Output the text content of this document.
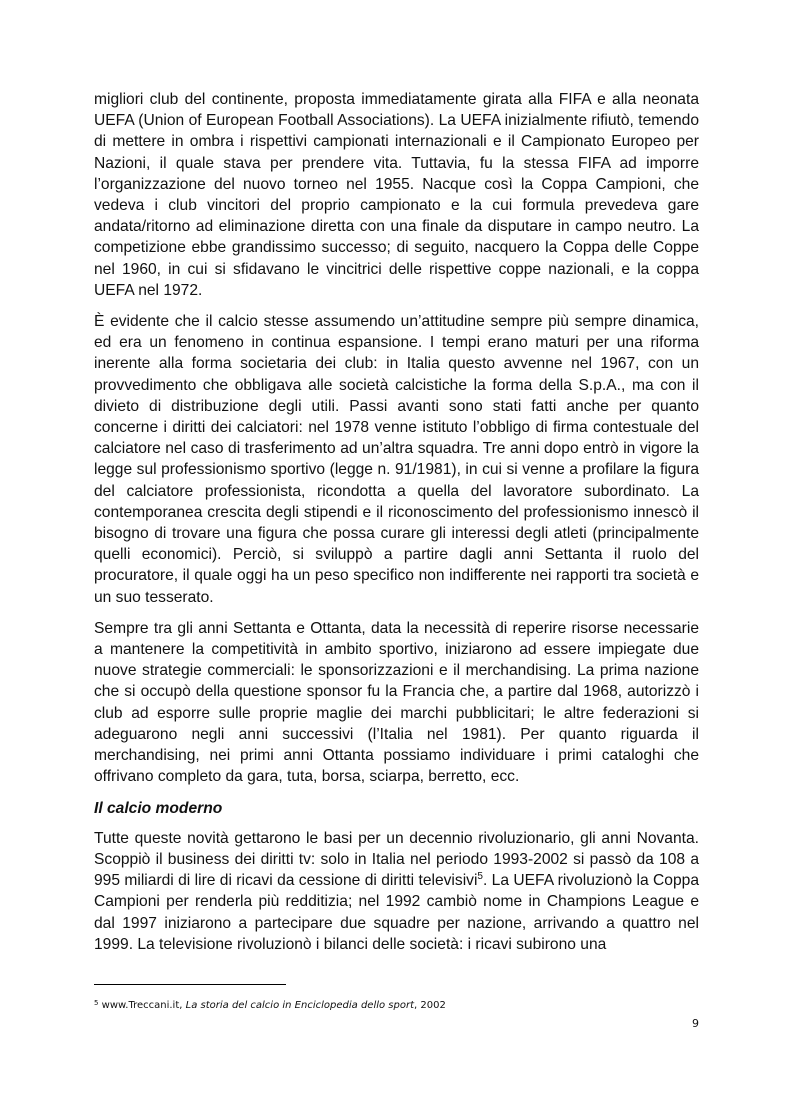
migliori club del continente, proposta immediatamente girata alla FIFA e alla neonata UEFA (Union of European Football Associations). La UEFA inizialmente rifiutò, temendo di mettere in ombra i rispettivi campionati internazionali e il Campionato Europeo per Nazioni, il quale stava per prendere vita. Tuttavia, fu la stessa FIFA ad imporre l’organizzazione del nuovo torneo nel 1955. Nacque così la Coppa Campioni, che vedeva i club vincitori del proprio campionato e la cui formula prevedeva gare andata/ritorno ad eliminazione diretta con una finale da disputare in campo neutro. La competizione ebbe grandissimo successo; di seguito, nacquero la Coppa delle Coppe nel 1960, in cui si sfidavano le vincitrici delle rispettive coppe nazionali, e la coppa UEFA nel 1972.

È evidente che il calcio stesse assumendo un’attitudine sempre più sempre dinamica, ed era un fenomeno in continua espansione. I tempi erano maturi per una riforma inerente alla forma societaria dei club: in Italia questo avvenne nel 1967, con un provvedimento che obbligava alle società calcistiche la forma della S.p.A., ma con il divieto di distribuzione degli utili. Passi avanti sono stati fatti anche per quanto concerne i diritti dei calciatori: nel 1978 venne istituto l’obbligo di firma contestuale del calciatore nel caso di trasferimento ad un’altra squadra. Tre anni dopo entrò in vigore la legge sul professionismo sportivo (legge n. 91/1981), in cui si venne a profilare la figura del calciatore professionista, ricondotta a quella del lavoratore subordinato. La contemporanea crescita degli stipendi e il riconoscimento del professionismo innescò il bisogno di trovare una figura che possa curare gli interessi degli atleti (principalmente quelli economici). Perciò, si sviluppò a partire dagli anni Settanta il ruolo del procuratore, il quale oggi ha un peso specifico non indifferente nei rapporti tra società e un suo tesserato.

Sempre tra gli anni Settanta e Ottanta, data la necessità di reperire risorse necessarie a mantenere la competitività in ambito sportivo, iniziarono ad essere impiegate due nuove strategie commerciali: le sponsorizzazioni e il merchandising. La prima nazione che si occupò della questione sponsor fu la Francia che, a partire dal 1968, autorizzò i club ad esporre sulle proprie maglie dei marchi pubblicitari; le altre federazioni si adeguarono negli anni successivi (l’Italia nel 1981). Per quanto riguarda il merchandising, nei primi anni Ottanta possiamo individuare i primi cataloghi che offrivano completo da gara, tuta, borsa, sciarpa, berretto, ecc.

Il calcio moderno

Tutte queste novità gettarono le basi per un decennio rivoluzionario, gli anni Novanta. Scoppiò il business dei diritti tv: solo in Italia nel periodo 1993-2002 si passò da 108 a 995 miliardi di lire di ricavi da cessione di diritti televisivi$^5$. La UEFA rivoluzionò la Coppa Campioni per renderla più redditizia; nel 1992 cambiò nome in Champions League e dal 1997 iniziarono a partecipare due squadre per nazione, arrivando a quattro nel 1999. La televisione rivoluzionò i bilanci delle società: i ricavi subirono una

$^5$ www.Treccani.it, La storia del calcio in Enciclopedia dello sport, 2002
9
